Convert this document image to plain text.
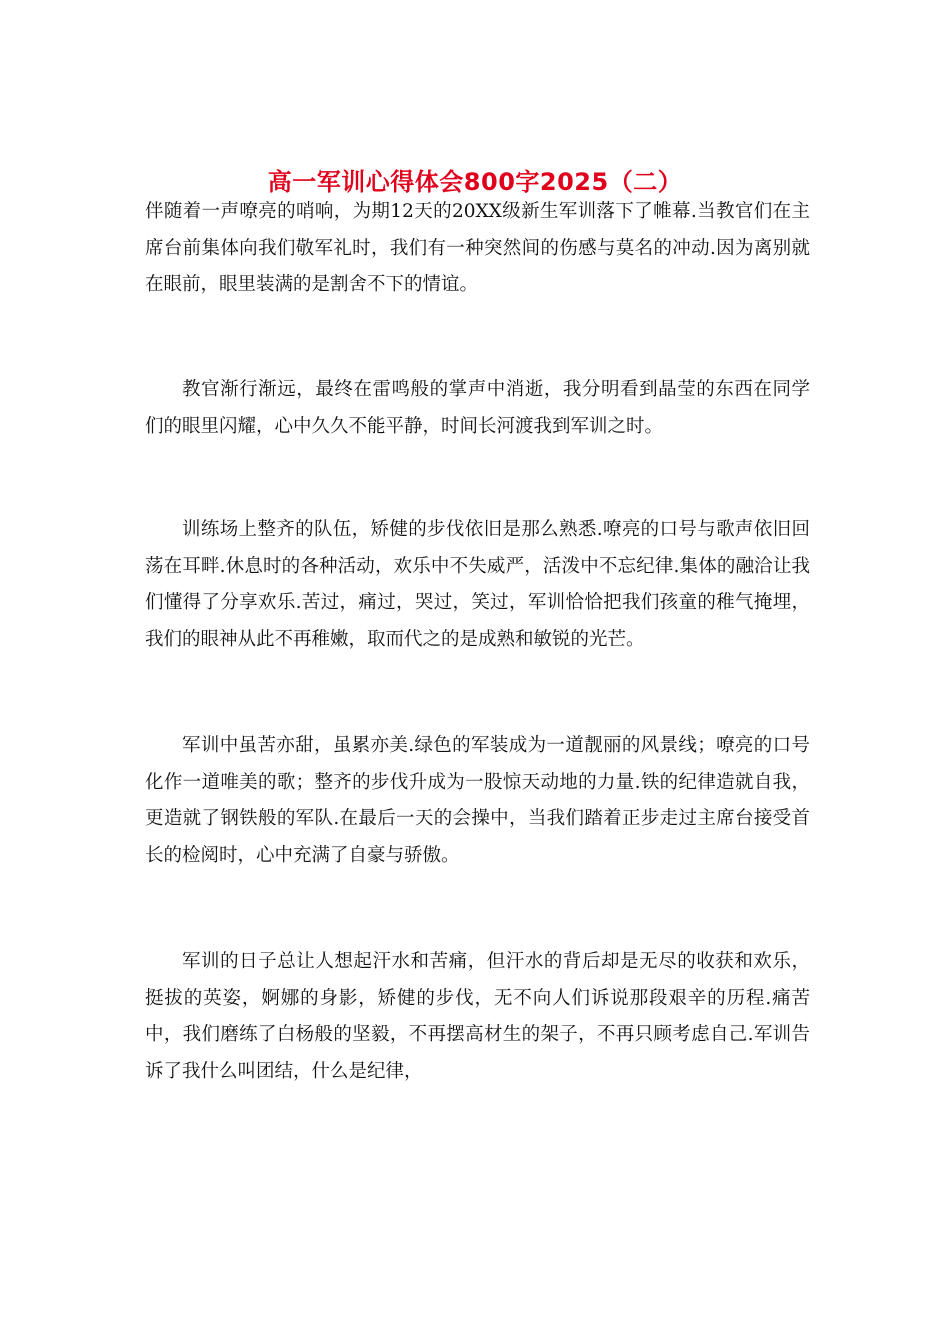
高一军训心得体会800字2025（二）

伴随着一声嘹亮的哨响，为期12天的20XX级新生军训落下了帷幕.当教官们在主席台前集体向我们敬军礼时，我们有一种突然间的伤感与莫名的冲动.因为离别就在眼前，眼里装满的是割舍不下的情谊。

教官渐行渐远，最终在雷鸣般的掌声中消逝，我分明看到晶莹的东西在同学们的眼里闪耀，心中久久不能平静，时间长河渡我到军训之时。

训练场上整齐的队伍，矫健的步伐依旧是那么熟悉.嘹亮的口号与歌声依旧回荡在耳畔.休息时的各种活动，欢乐中不失威严，活泼中不忘纪律.集体的融洽让我们懂得了分享欢乐.苦过，痛过，哭过，笑过，军训恰恰把我们孩童的稚气掩埋，我们的眼神从此不再稚嫩，取而代之的是成熟和敏锐的光芒。

军训中虽苦亦甜，虽累亦美.绿色的军装成为一道靓丽的风景线；嘹亮的口号化作一道唯美的歌；整齐的步伐升成为一股惊天动地的力量.铁的纪律造就自我，更造就了钢铁般的军队.在最后一天的会操中，当我们踏着正步走过主席台接受首长的检阅时，心中充满了自豪与骄傲。

军训的日子总让人想起汗水和苦痛，但汗水的背后却是无尽的收获和欢乐，挺拔的英姿，婀娜的身影，矫健的步伐，无不向人们诉说那段艰辛的历程.痛苦中，我们磨练了白杨般的坚毅，不再摆高材生的架子，不再只顾考虑自己.军训告诉了我什么叫团结，什么是纪律，
